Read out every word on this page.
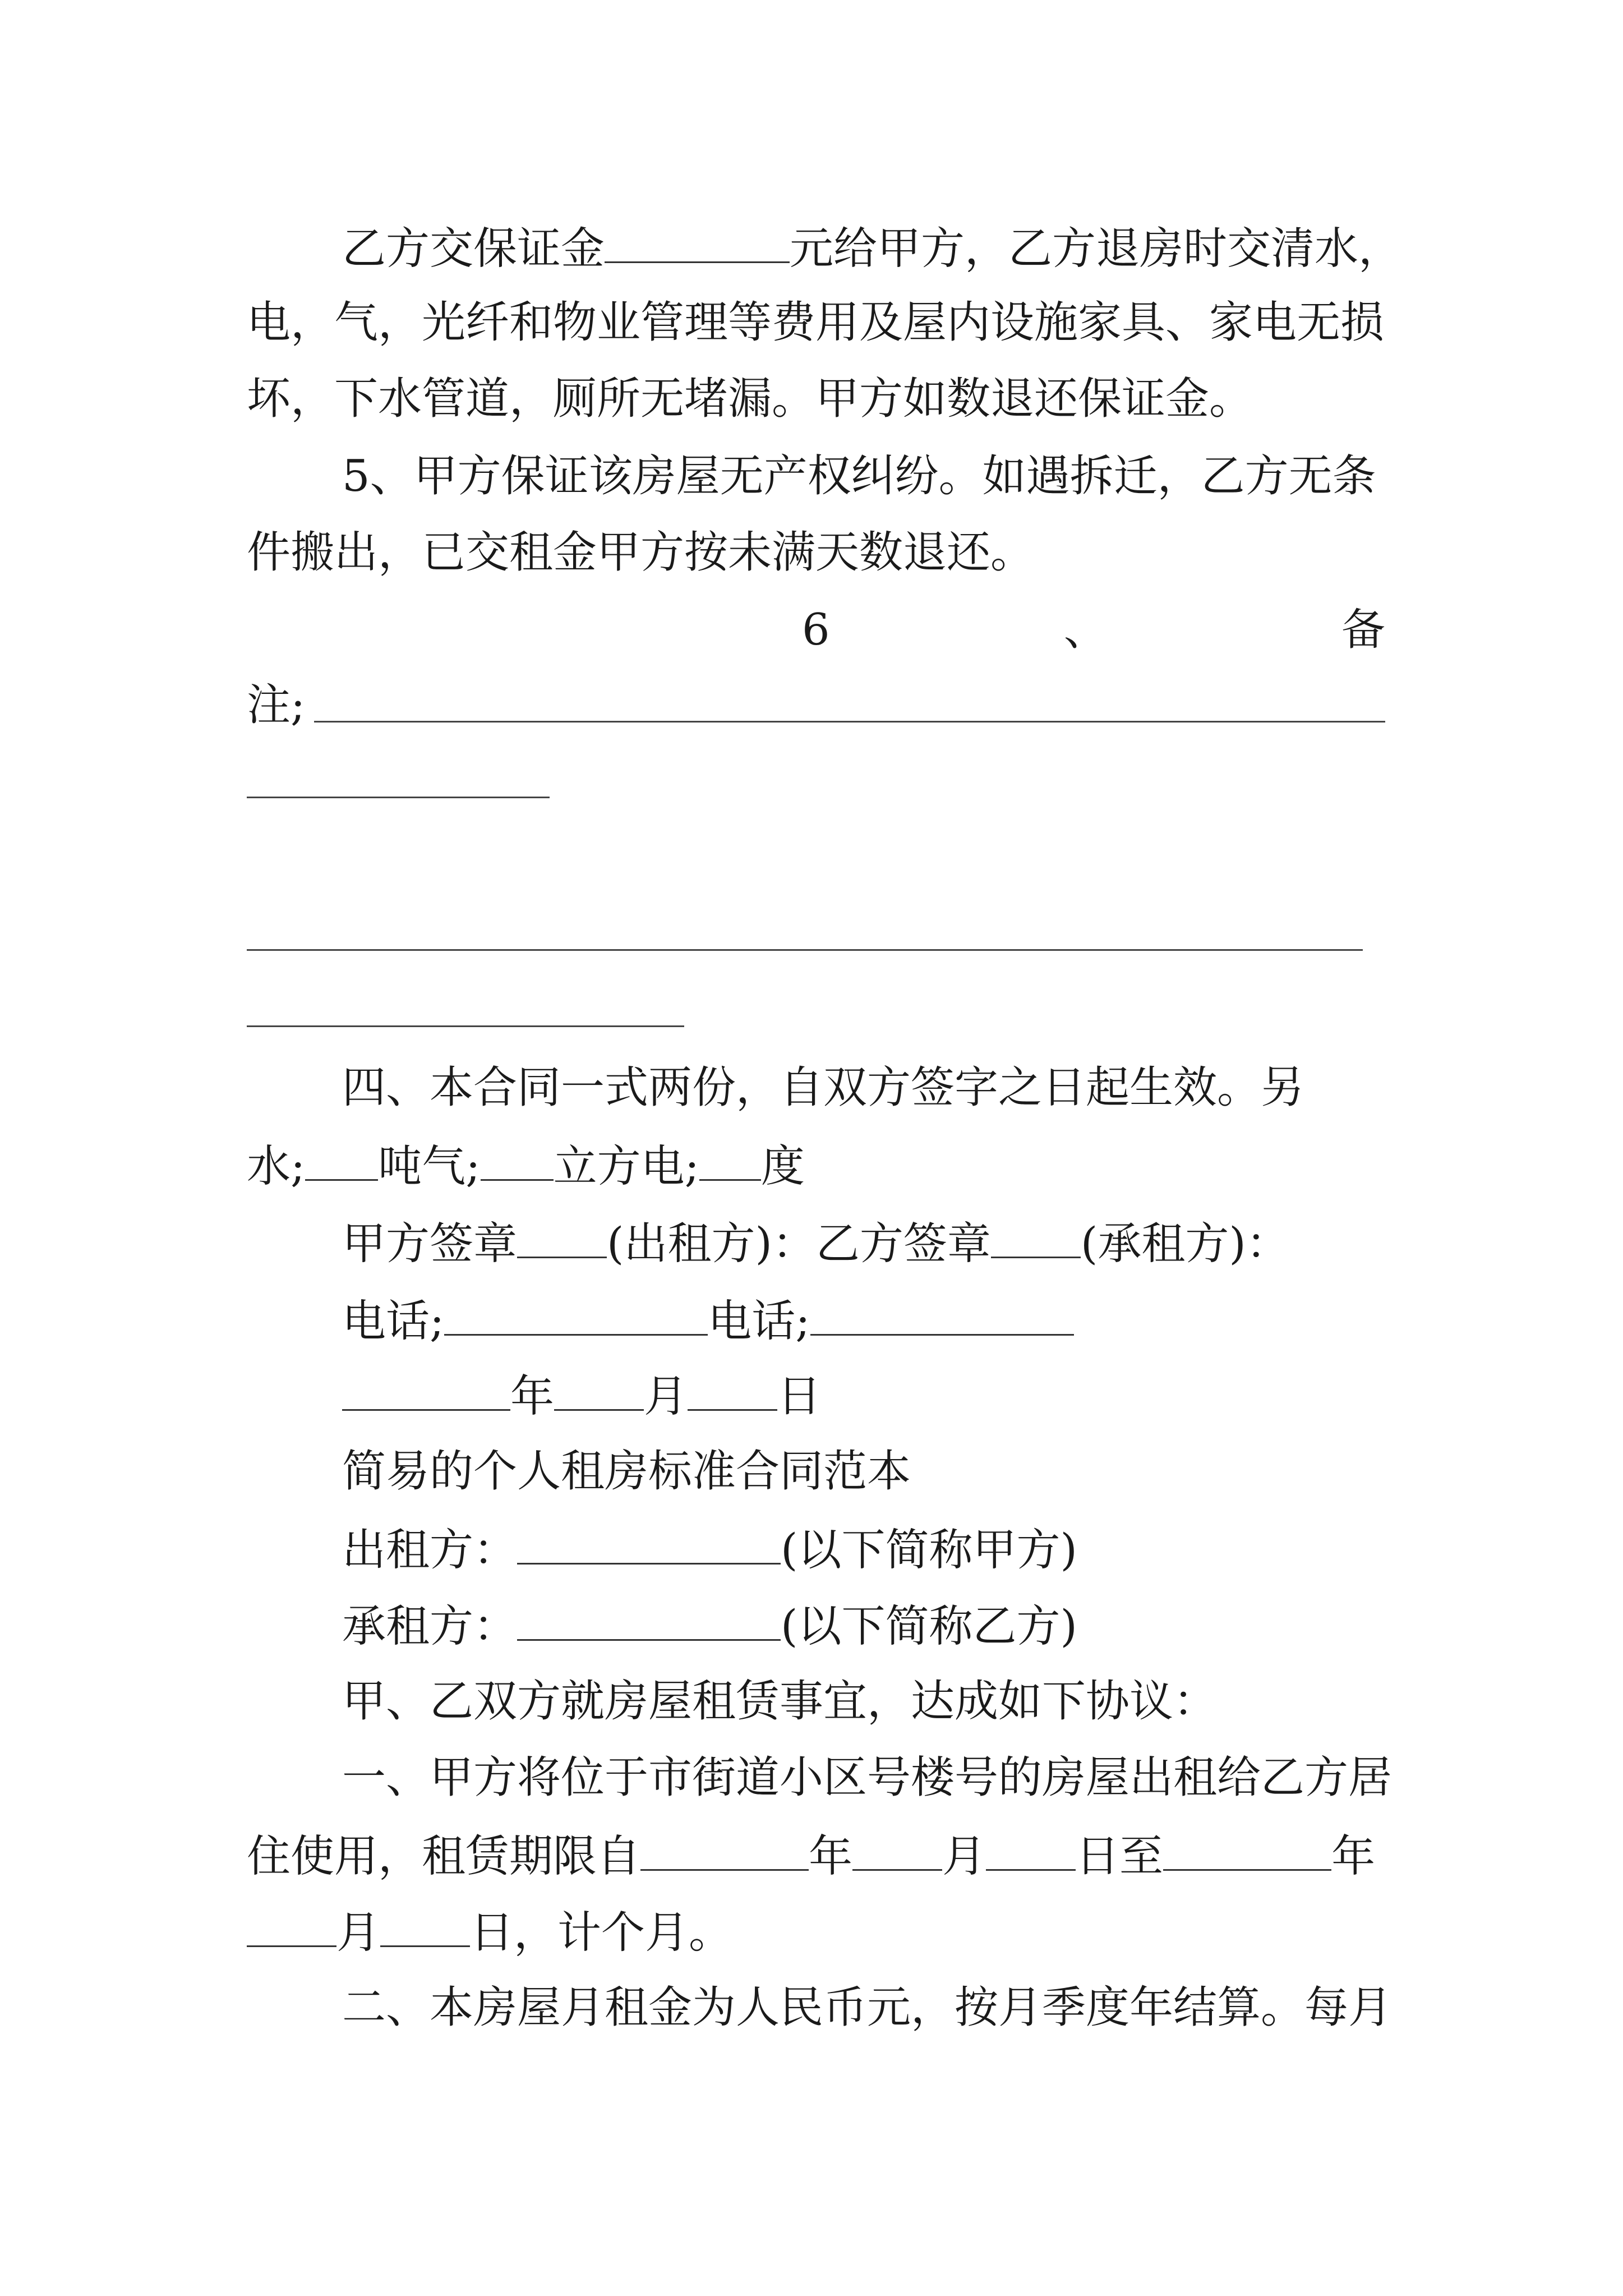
乙方交保证金	元给甲方，乙方退房时交清水，
电，气，光纤和物业管理等费用及屋内设施家具、家电无损
坏，下水管道，厕所无堵漏。甲方如数退还保证金。
5、甲方保证该房屋无产权纠纷。如遇拆迁，乙方无条
件搬出，已交租金甲方按未满天数退还。
6	、	备
注;
四、本合同一式两份，自双方签字之日起生效。另
水; 吨气; 立方电; 度
甲方签章 (出租方)：乙方签章 (承租方)：
电话;	电话;
年 月 日
简易的个人租房标准合同范本
出租方：	(以下简称甲方)
承租方：	(以下简称乙方)
甲、乙双方就房屋租赁事宜，达成如下协议：
一、甲方将位于市街道小区号楼号的房屋出租给乙方居
住使用，租赁期限自	年 月 日至	年
月 日，计个月。
二、本房屋月租金为人民币元，按月季度年结算。每月
